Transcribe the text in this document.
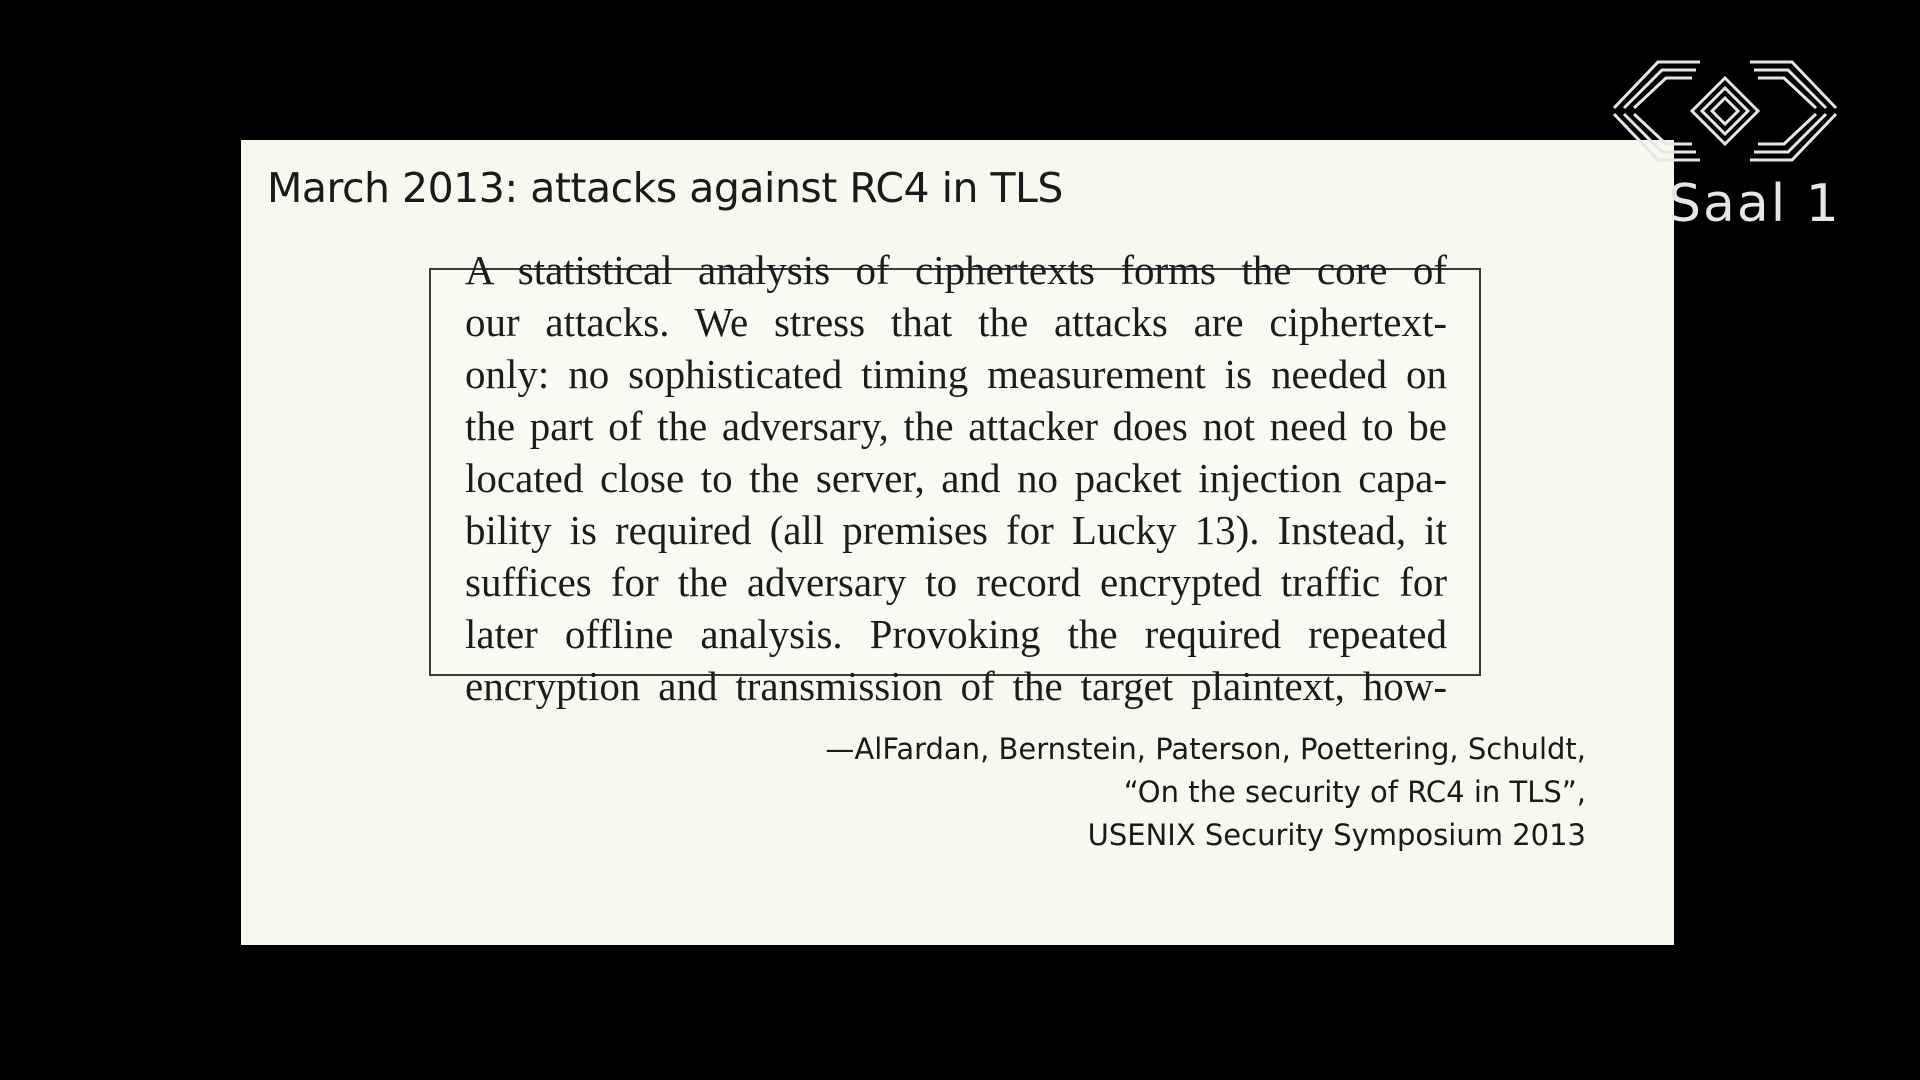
March 2013: attacks against RC4 in TLS
A statistical analysis of ciphertexts forms the core of
our attacks. We stress that the attacks are ciphertext-
only: no sophisticated timing measurement is needed on
the part of the adversary, the attacker does not need to be
located close to the server, and no packet injection capa-
bility is required (all premises for Lucky 13). Instead, it
suffices for the adversary to record encrypted traffic for
later offline analysis. Provoking the required repeated
encryption and transmission of the target plaintext, how-
—AlFardan, Bernstein, Paterson, Poettering, Schuldt,
“On the security of RC4 in TLS”,
USENIX Security Symposium 2013
Saal 1
